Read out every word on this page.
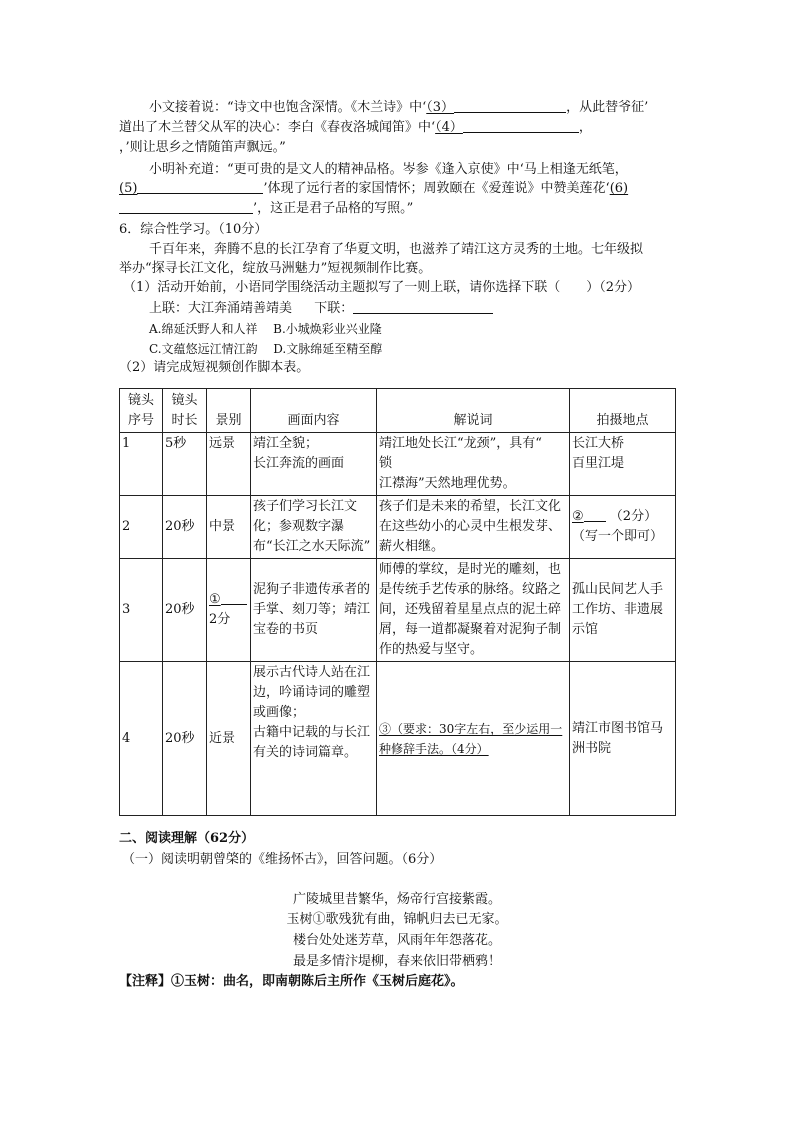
小文接着说：“诗文中也饱含深情。《木兰诗》中‘（3）	，从此替爷征’
道出了木兰替父从军的决心：李白《春夜洛城闻笛》中‘（4）	，
，’则让思乡之情随笛声飘远。”
小明补充道：“更可贵的是文人的精神品格。岑参《逢入京使》中‘马上相逢无纸笔，
(5)	’体现了远行者的家国情怀；周敦颐在《爱莲说》中赞美莲花‘(6)
’，这正是君子品格的写照。”
6．综合性学习。（10分）
千百年来，奔腾不息的长江孕育了华夏文明，也滋养了靖江这方灵秀的土地。七年级拟
举办“探寻长江文化，绽放马洲魅力”短视频制作比赛。
（1）活动开始前，小语同学围绕活动主题拟写了一则上联，请你选择下联（　　）（2分）
上联：大江奔涌靖善靖美 下联：
A.绵延沃野人和人祥 B.小城焕彩业兴业隆
C.文蕴悠远江情江韵 D.文脉绵延至精至醇
（2）请完成短视频创作脚本表。
镜头
序号	镜头
时长	景别	画面内容	解说词	拍摄地点
1	5秒	远景	靖江全貌；
长江奔流的画面	靖江地处长江“龙颈”，具有“
锁
江襟海”天然地理优势。	长江大桥
百里江堤
2	20秒	中景	孩子们学习长江文化；参观数字瀑布“长江之水天际流”	孩子们是未来的希望，长江文化在这些幼小的心灵中生根发芽、薪火相继。	② （2分）
（写一个即可）

3	20秒	①
2分	泥狗子非遗传承者的手掌、刻刀等；靖江宝卷的书页	师傅的掌纹，是时光的雕刻，也是传统手艺传承的脉络。纹路之间，还残留着星星点点的泥土碎屑，每一道都凝聚着对泥狗子制作的热爱与坚守。	孤山民间艺人手工作坊、非遗展示馆

4	20秒	近景	展示古代诗人站在江边，吟诵诗词的雕塑或画像；
古籍中记载的与长江有关的诗词篇章。	③（要求：30字左右，至少运用一种修辞手法。（4分）	靖江市图书馆马洲书院
二、阅读理解（62分）
（一）阅读明朝曾棨的《维扬怀古》，回答问题。（6分）
广陵城里昔繁华，炀帝行宫接紫霞。
玉树①歌残犹有曲，锦帆归去已无家。
楼台处处迷芳草，风雨年年怨落花。
最是多情汴堤柳，春来依旧带栖鸦！
【注释】①玉树：曲名，即南朝陈后主所作《玉树后庭花》。
